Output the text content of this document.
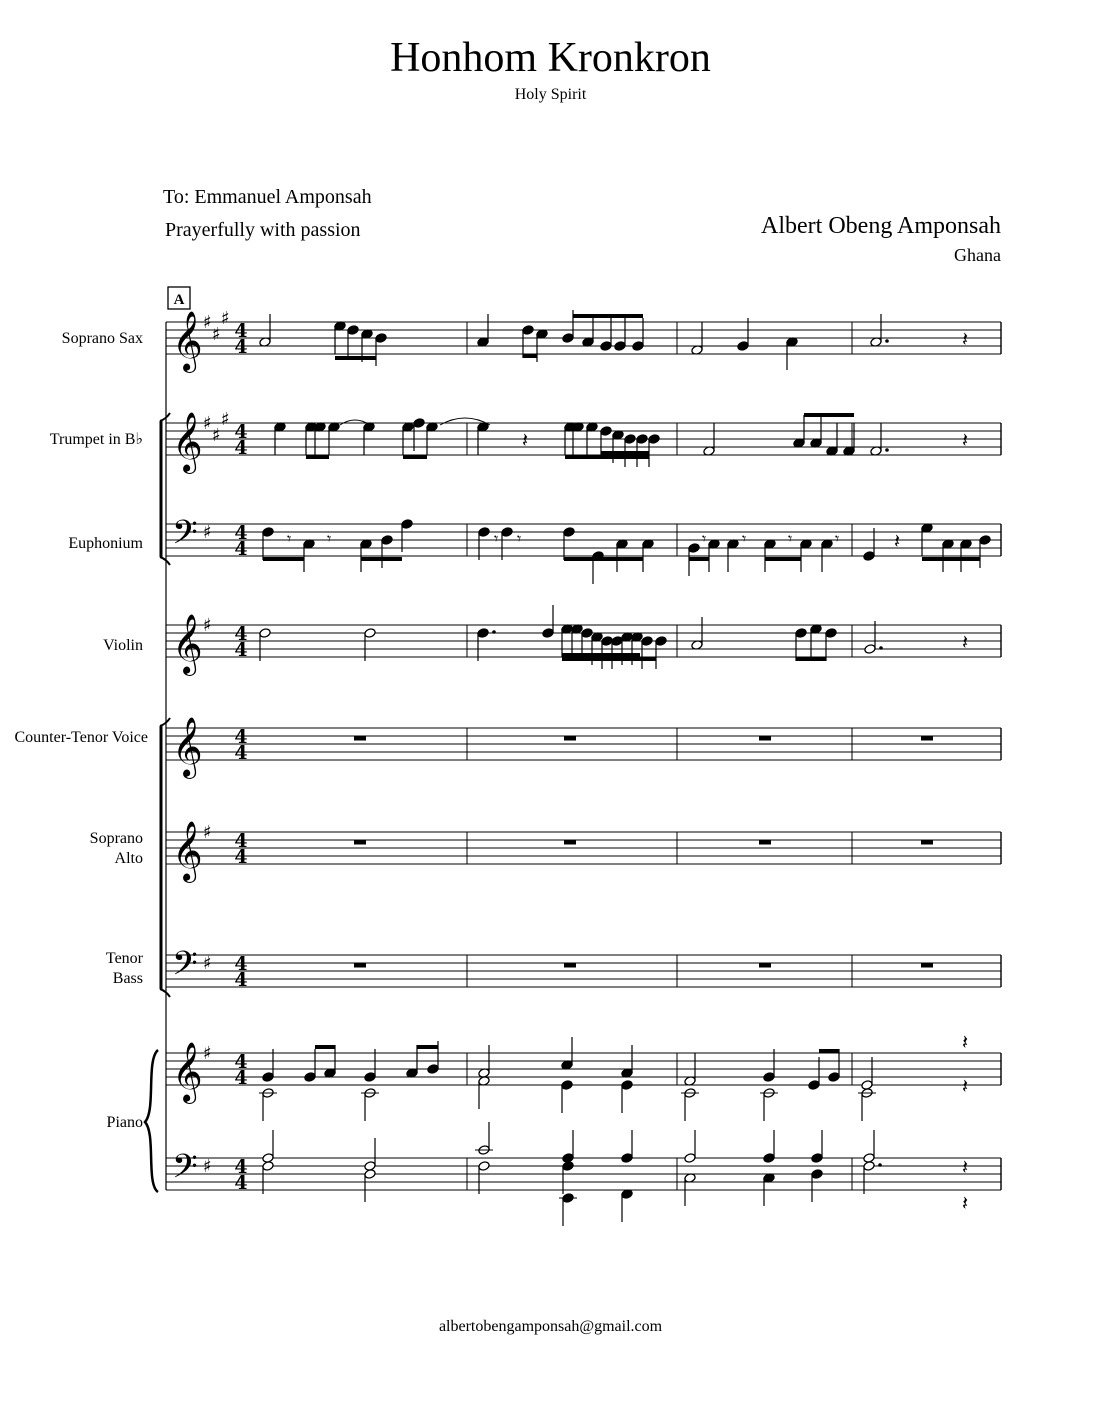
Honhom Kronkron
Holy Spirit
To: Emmanuel Amponsah
Prayerfully with passion	Albert Obeng Amponsah
Ghana
𝄞 ♯
♯
♯
4
4
𝄞 ♯
♯
♯
4
4
𝄢 ♯ 4
4
𝄞 ♯ 4
4
𝄞 4
4
𝄞 ♯ 4
4
𝄢 ♯ 4
4
𝄞 ♯ 4
4
𝄢 ♯ 4
4
𝄽
𝄽	𝄽
𝄾 𝄾	𝄾 𝄾	𝄾 𝄾	𝄾	𝄾	𝄽
𝄽
𝄽
𝄽
𝄽
𝄽
Soprano Sax
Trumpet in B♭
Euphonium
Violin
Counter-Tenor Voice
Soprano
Alto
Tenor
Bass
Piano
A
albertobengamponsah@gmail.com
